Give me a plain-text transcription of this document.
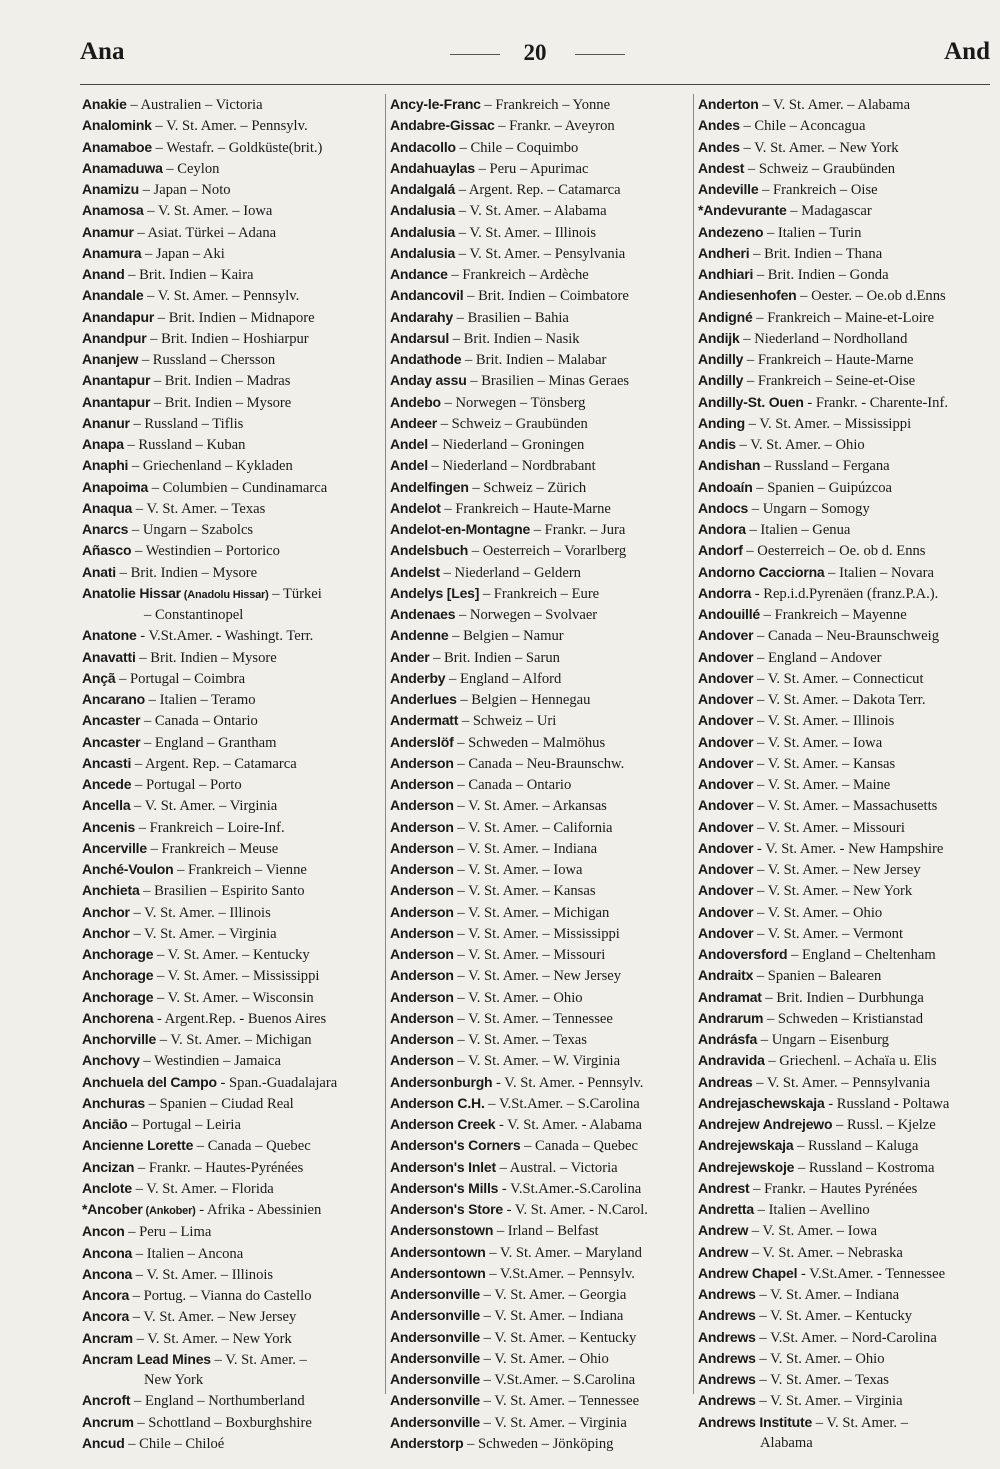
Ana	20	And
Anakie – Australien – Victoria
Analomink – V. St. Amer. – Pennsylv.
Anamaboe – Westafr. – Goldküste(brit.)
Anamaduwa – Ceylon
Anamizu – Japan – Noto
Anamosa – V. St. Amer. – Iowa
Anamur – Asiat. Türkei – Adana
Anamura – Japan – Aki
Anand – Brit. Indien – Kaira
Anandale – V. St. Amer. – Pennsylv.
Anandapur – Brit. Indien – Midnapore
Anandpur – Brit. Indien – Hoshiarpur
Ananjew – Russland – Chersson
Anantapur – Brit. Indien – Madras
Anantapur – Brit. Indien – Mysore
Ananur – Russland – Tiflis
Anapa – Russland – Kuban
Anaphi – Griechenland – Kykladen
Anapoima – Columbien – Cundinamarca
Anaqua – V. St. Amer. – Texas
Anarcs – Ungarn – Szabolcs
Añasco – Westindien – Portorico
Anati – Brit. Indien – Mysore
Anatolie Hissar (Anadolu Hissar) – Türkei
– Constantinopel
Anatone - V.St.Amer. - Washingt. Terr.
Anavatti – Brit. Indien – Mysore
Ançã – Portugal – Coimbra
Ancarano – Italien – Teramo
Ancaster – Canada – Ontario
Ancaster – England – Grantham
Ancasti – Argent. Rep. – Catamarca
Ancede – Portugal – Porto
Ancella – V. St. Amer. – Virginia
Ancenis – Frankreich – Loire-Inf.
Ancerville – Frankreich – Meuse
Anché-Voulon – Frankreich – Vienne
Anchieta – Brasilien – Espirito Santo
Anchor – V. St. Amer. – Illinois
Anchor – V. St. Amer. – Virginia
Anchorage – V. St. Amer. – Kentucky
Anchorage – V. St. Amer. – Mississippi
Anchorage – V. St. Amer. – Wisconsin
Anchorena - Argent.Rep. - Buenos Aires
Anchorville – V. St. Amer. – Michigan
Anchovy – Westindien – Jamaica
Anchuela del Campo - Span.-Guadalajara
Anchuras – Spanien – Ciudad Real
Anciāo – Portugal – Leiria
Ancienne Lorette – Canada – Quebec
Ancizan – Frankr. – Hautes-Pyrénées
Anclote – V. St. Amer. – Florida
*Ancober (Ankober) - Afrika - Abessinien
Ancon – Peru – Lima
Ancona – Italien – Ancona
Ancona – V. St. Amer. – Illinois
Ancora – Portug. – Vianna do Castello
Ancora – V. St. Amer. – New Jersey
Ancram – V. St. Amer. – New York
Ancram Lead Mines – V. St. Amer. –
New York
Ancroft – England – Northumberland
Ancrum – Schottland – Boxburghshire
Ancud – Chile – Chiloé
Ancy-le-Franc – Frankreich – Yonne
Andabre-Gissac – Frankr. – Aveyron
Andacollo – Chile – Coquimbo
Andahuaylas – Peru – Apurimac
Andalgalá – Argent. Rep. – Catamarca
Andalusia – V. St. Amer. – Alabama
Andalusia – V. St. Amer. – Illinois
Andalusia – V. St. Amer. – Pensylvania
Andance – Frankreich – Ardèche
Andancovil – Brit. Indien – Coimbatore
Andarahy – Brasilien – Bahia
Andarsul – Brit. Indien – Nasik
Andathode – Brit. Indien – Malabar
Anday assu – Brasilien – Minas Geraes
Andebo – Norwegen – Tönsberg
Andeer – Schweiz – Graubünden
Andel – Niederland – Groningen
Andel – Niederland – Nordbrabant
Andelfingen – Schweiz – Zürich
Andelot – Frankreich – Haute-Marne
Andelot-en-Montagne – Frankr. – Jura
Andelsbuch – Oesterreich – Vorarlberg
Andelst – Niederland – Geldern
Andelys [Les] – Frankreich – Eure
Andenaes – Norwegen – Svolvaer
Andenne – Belgien – Namur
Ander – Brit. Indien – Sarun
Anderby – England – Alford
Anderlues – Belgien – Hennegau
Andermatt – Schweiz – Uri
Anderslöf – Schweden – Malmöhus
Anderson – Canada – Neu-Braunschw.
Anderson – Canada – Ontario
Anderson – V. St. Amer. – Arkansas
Anderson – V. St. Amer. – California
Anderson – V. St. Amer. – Indiana
Anderson – V. St. Amer. – Iowa
Anderson – V. St. Amer. – Kansas
Anderson – V. St. Amer. – Michigan
Anderson – V. St. Amer. – Mississippi
Anderson – V. St. Amer. – Missouri
Anderson – V. St. Amer. – New Jersey
Anderson – V. St. Amer. – Ohio
Anderson – V. St. Amer. – Tennessee
Anderson – V. St. Amer. – Texas
Anderson – V. St. Amer. – W. Virginia
Andersonburgh - V. St. Amer. - Pennsylv.
Anderson C.H. – V.St.Amer. – S.Carolina
Anderson Creek - V. St. Amer. - Alabama
Anderson's Corners – Canada – Quebec
Anderson's Inlet – Austral. – Victoria
Anderson's Mills - V.St.Amer.-S.Carolina
Anderson's Store - V. St. Amer. - N.Carol.
Andersonstown – Irland – Belfast
Andersontown – V. St. Amer. – Maryland
Andersontown – V.St.Amer. – Pennsylv.
Andersonville – V. St. Amer. – Georgia
Andersonville – V. St. Amer. – Indiana
Andersonville – V. St. Amer. – Kentucky
Andersonville – V. St. Amer. – Ohio
Andersonville – V.St.Amer. – S.Carolina
Andersonville – V. St. Amer. – Tennessee
Andersonville – V. St. Amer. – Virginia
Anderstorp – Schweden – Jönköping
Anderton – V. St. Amer. – Alabama
Andes – Chile – Aconcagua
Andes – V. St. Amer. – New York
Andest – Schweiz – Graubünden
Andeville – Frankreich – Oise
*Andevurante – Madagascar
Andezeno – Italien – Turin
Andheri – Brit. Indien – Thana
Andhiari – Brit. Indien – Gonda
Andiesenhofen – Oester. – Oe.ob d.Enns
Andigné – Frankreich – Maine-et-Loire
Andijk – Niederland – Nordholland
Andilly – Frankreich – Haute-Marne
Andilly – Frankreich – Seine-et-Oise
Andilly-St. Ouen - Frankr. - Charente-Inf.
Anding – V. St. Amer. – Mississippi
Andis – V. St. Amer. – Ohio
Andishan – Russland – Fergana
Andoaín – Spanien – Guipúzcoa
Andocs – Ungarn – Somogy
Andora – Italien – Genua
Andorf – Oesterreich – Oe. ob d. Enns
Andorno Cacciorna – Italien – Novara
Andorra - Rep.i.d.Pyrenäen (franz.P.A.).
Andouillé – Frankreich – Mayenne
Andover – Canada – Neu-Braunschweig
Andover – England – Andover
Andover – V. St. Amer. – Connecticut
Andover – V. St. Amer. – Dakota Terr.
Andover – V. St. Amer. – Illinois
Andover – V. St. Amer. – Iowa
Andover – V. St. Amer. – Kansas
Andover – V. St. Amer. – Maine
Andover – V. St. Amer. – Massachusetts
Andover – V. St. Amer. – Missouri
Andover - V. St. Amer. - New Hampshire
Andover – V. St. Amer. – New Jersey
Andover – V. St. Amer. – New York
Andover – V. St. Amer. – Ohio
Andover – V. St. Amer. – Vermont
Andoversford – England – Cheltenham
Andraitx – Spanien – Balearen
Andramat – Brit. Indien – Durbhunga
Andrarum – Schweden – Kristianstad
Andrásfa – Ungarn – Eisenburg
Andravida – Griechenl. – Achaïa u. Elis
Andreas – V. St. Amer. – Pennsylvania
Andrejaschewskaja - Russland - Poltawa
Andrejew Andrejewo – Russl. – Kjelze
Andrejewskaja – Russland – Kaluga
Andrejewskoje – Russland – Kostroma
Andrest – Frankr. – Hautes Pyrénées
Andretta – Italien – Avellino
Andrew – V. St. Amer. – Iowa
Andrew – V. St. Amer. – Nebraska
Andrew Chapel - V.St.Amer. - Tennessee
Andrews – V. St. Amer. – Indiana
Andrews – V. St. Amer. – Kentucky
Andrews – V.St. Amer. – Nord-Carolina
Andrews – V. St. Amer. – Ohio
Andrews – V. St. Amer. – Texas
Andrews – V. St. Amer. – Virginia
Andrews Institute – V. St. Amer. –
Alabama
